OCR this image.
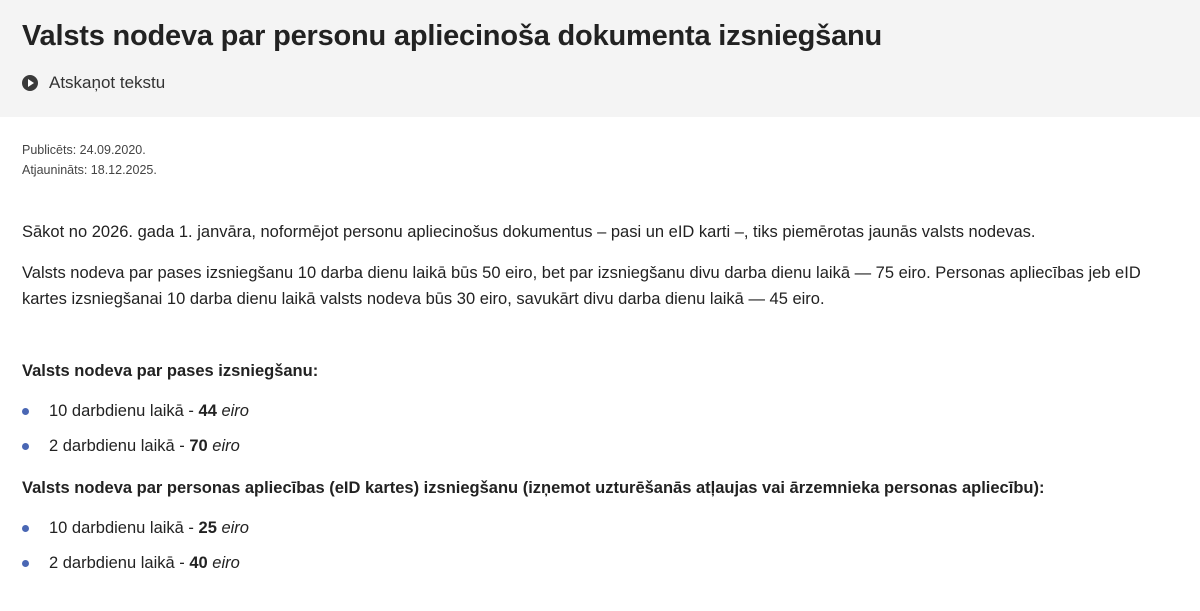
Valsts nodeva par personu apliecinoša dokumenta izsniegšanu
Atskaņot tekstu
Publicēts: 24.09.2020.
Atjaunināts: 18.12.2025.

Sākot no 2026. gada 1. janvāra, noformējot personu apliecinošus dokumentus – pasi un eID karti –, tiks piemērotas jaunās valsts nodevas.

Valsts nodeva par pases izsniegšanu 10 darba dienu laikā būs 50 eiro, bet par izsniegšanu divu darba dienu laikā — 75 eiro. Personas apliecības jeb eID kartes izsniegšanai 10 darba dienu laikā valsts nodeva būs 30 eiro, savukārt divu darba dienu laikā — 45 eiro.

Valsts nodeva par pases izsniegšanu:
10 darbdienu laikā - 44 eiro
2 darbdienu laikā - 70 eiro
Valsts nodeva par personas apliecības (eID kartes) izsniegšanu (izņemot uzturēšanās atļaujas vai ārzemnieka personas apliecību):
10 darbdienu laikā - 25 eiro
2 darbdienu laikā - 40 eiro
